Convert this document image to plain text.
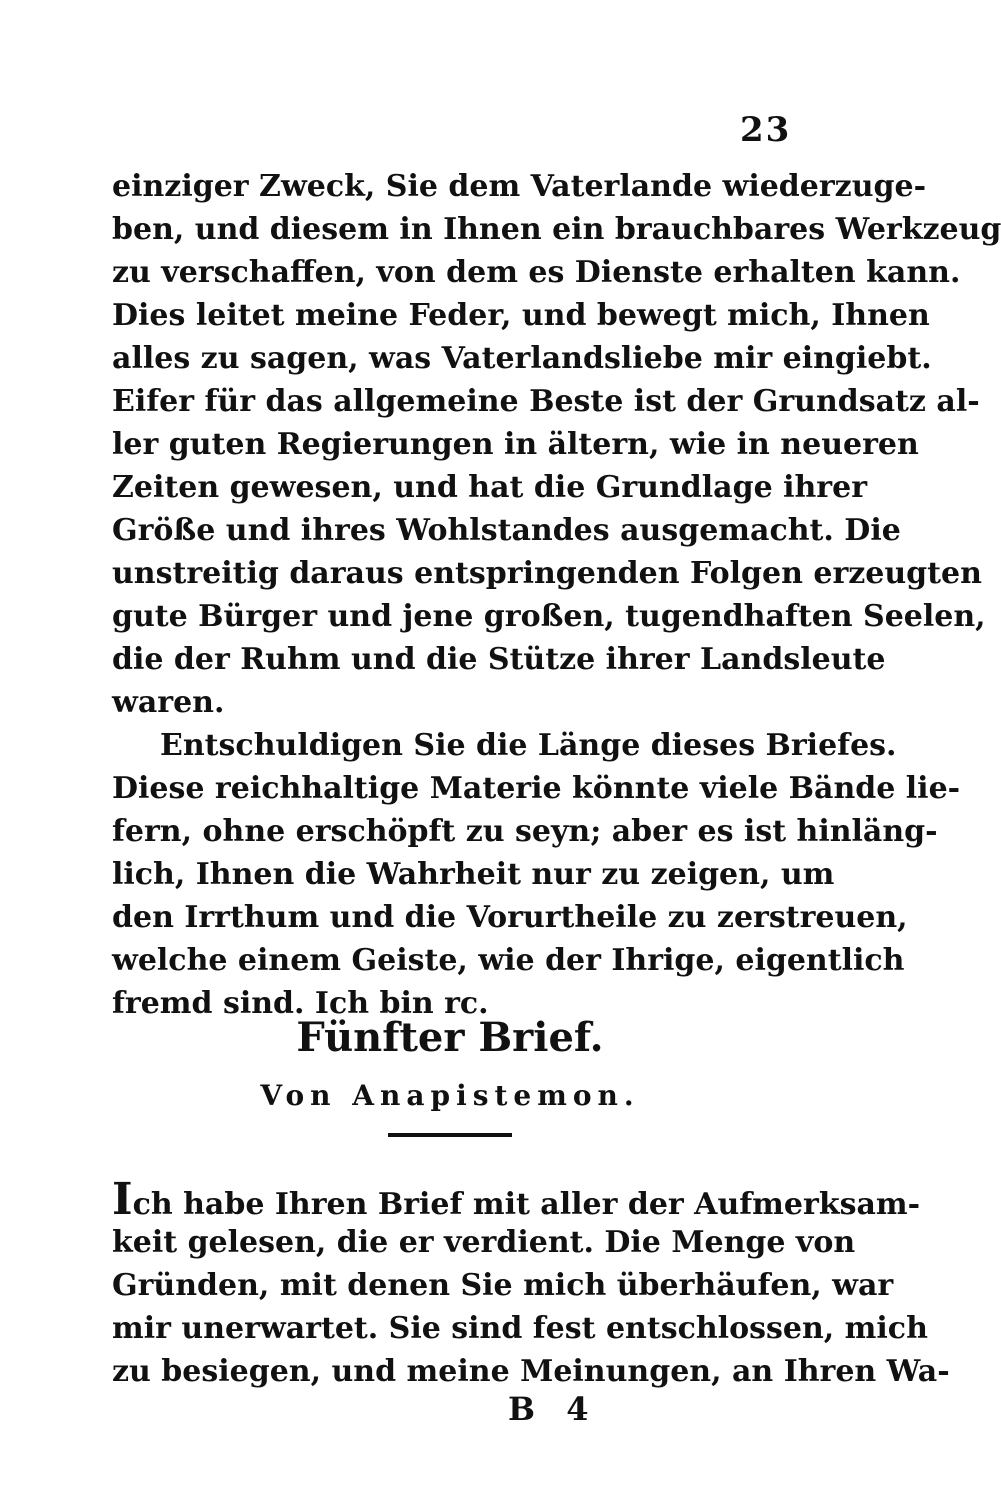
23
einziger Zweck, Sie dem Vaterlande wiederzuge-
ben, und diesem in Ihnen ein brauchbares Werkzeug
zu verschaffen, von dem es Dienste erhalten kann.
Dies leitet meine Feder, und bewegt mich, Ihnen
alles zu sagen, was Vaterlandsliebe mir eingiebt.
Eifer für das allgemeine Beste ist der Grundsatz al-
ler guten Regierungen in ältern, wie in neueren
Zeiten gewesen, und hat die Grundlage ihrer
Größe und ihres Wohlstandes ausgemacht. Die
unstreitig daraus entspringenden Folgen erzeugten
gute Bürger und jene großen, tugendhaften Seelen,
die der Ruhm und die Stütze ihrer Landsleute
waren.
Entschuldigen Sie die Länge dieses Briefes.
Diese reichhaltige Materie könnte viele Bände lie-
fern, ohne erschöpft zu seyn; aber es ist hinläng-
lich, Ihnen die Wahrheit nur zu zeigen, um
den Irrthum und die Vorurtheile zu zerstreuen,
welche einem Geiste, wie der Ihrige, eigentlich
fremd sind. Ich bin rc.
Fünfter Brief.
Von Anapistemon.
Ich habe Ihren Brief mit aller der Aufmerksam-
keit gelesen, die er verdient. Die Menge von
Gründen, mit denen Sie mich überhäufen, war
mir unerwartet. Sie sind fest entschlossen, mich
zu besiegen, und meine Meinungen, an Ihren Wa-
B 4
